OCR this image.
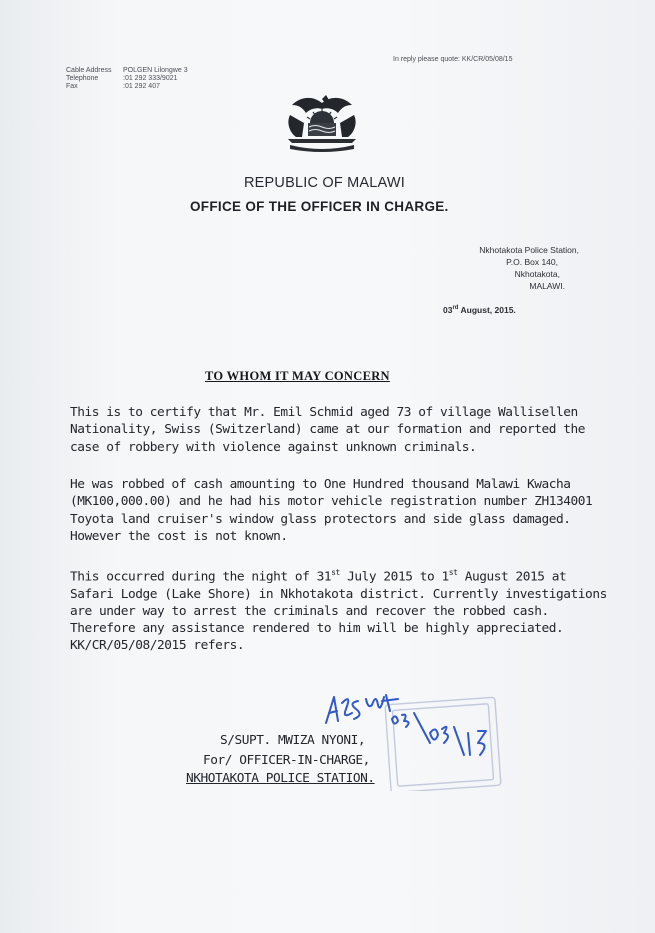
In reply please quote: KK/CR/05/08/15
Cable Address POLGEN Lilongwe 3
Telephone	:01 292 333/9021
Fax	:01 292 407
REPUBLIC OF MALAWI
OFFICE OF THE OFFICER IN CHARGE.
Nkhotakota Police Station,
P.O. Box 140,
Nkhotakota,
MALAWI.
03rd August, 2015.
TO WHOM IT MAY CONCERN
This is to certify that Mr. Emil Schmid aged 73 of village Wallisellen Nationality, Swiss (Switzerland) came at our formation and reported the case of robbery with violence against unknown criminals.
He was robbed of cash amounting to One Hundred thousand Malawi Kwacha (MK100,000.00) and he had his motor vehicle registration number ZH134001 Toyota land cruiser's window glass protectors and side glass damaged. However the cost is not known.
This occurred during the night of 31st July 2015 to 1st August 2015 at Safari Lodge (Lake Shore) in Nkhotakota district. Currently investigations are under way to arrest the criminals and recover the robbed cash. Therefore any assistance rendered to him will be highly appreciated. KK/CR/05/08/2015 refers.
S/SUPT. MWIZA NYONI,
For/ OFFICER-IN-CHARGE,
NKHOTAKOTA POLICE STATION.
